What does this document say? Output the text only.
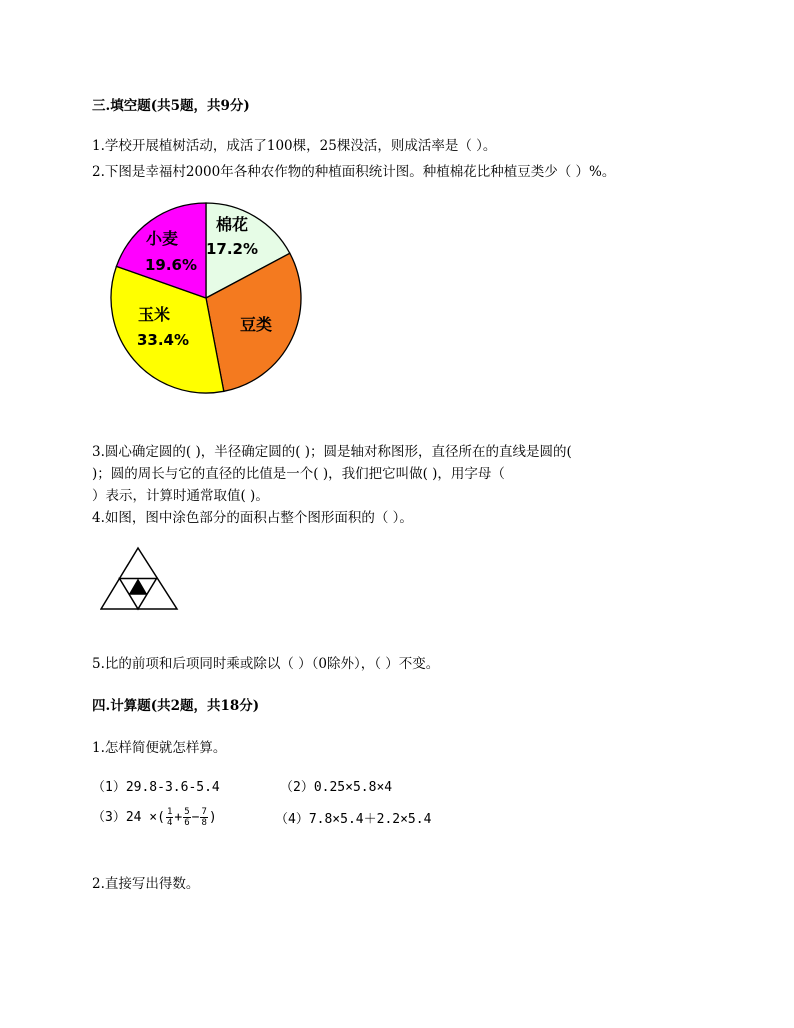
三.填空题(共5题，共9分)
1.学校开展植树活动，成活了100棵，25棵没活，则成活率是（ ）。
2.下图是幸福村2000年各种农作物的种植面积统计图。种植棉花比种植豆类少（ ）%。
棉花
17.2%
豆类
玉米
33.4%
小麦
19.6%
3.圆心确定圆的( )，半径确定圆的( )；圆是轴对称图形，直径所在的直线是圆的(
)；圆的周长与它的直径的比值是一个( )，我们把它叫做( )，用字母（
）表示，计算时通常取值( )。
4.如图，图中涂色部分的面积占整个图形面积的（ ）。
5.比的前项和后项同时乘或除以（ ）（0除外），（ ）不变。
四.计算题(共2题，共18分)
1.怎样简便就怎样算。
（1）29.8-3.6-5.4	（2）0.25×5.8×4
（3）24 ×( $\frac{1}{4} + \frac{5}{6} - \frac{7}{8}$ )	（4）7.8×5.4＋2.2×5.4
2.直接写出得数。
